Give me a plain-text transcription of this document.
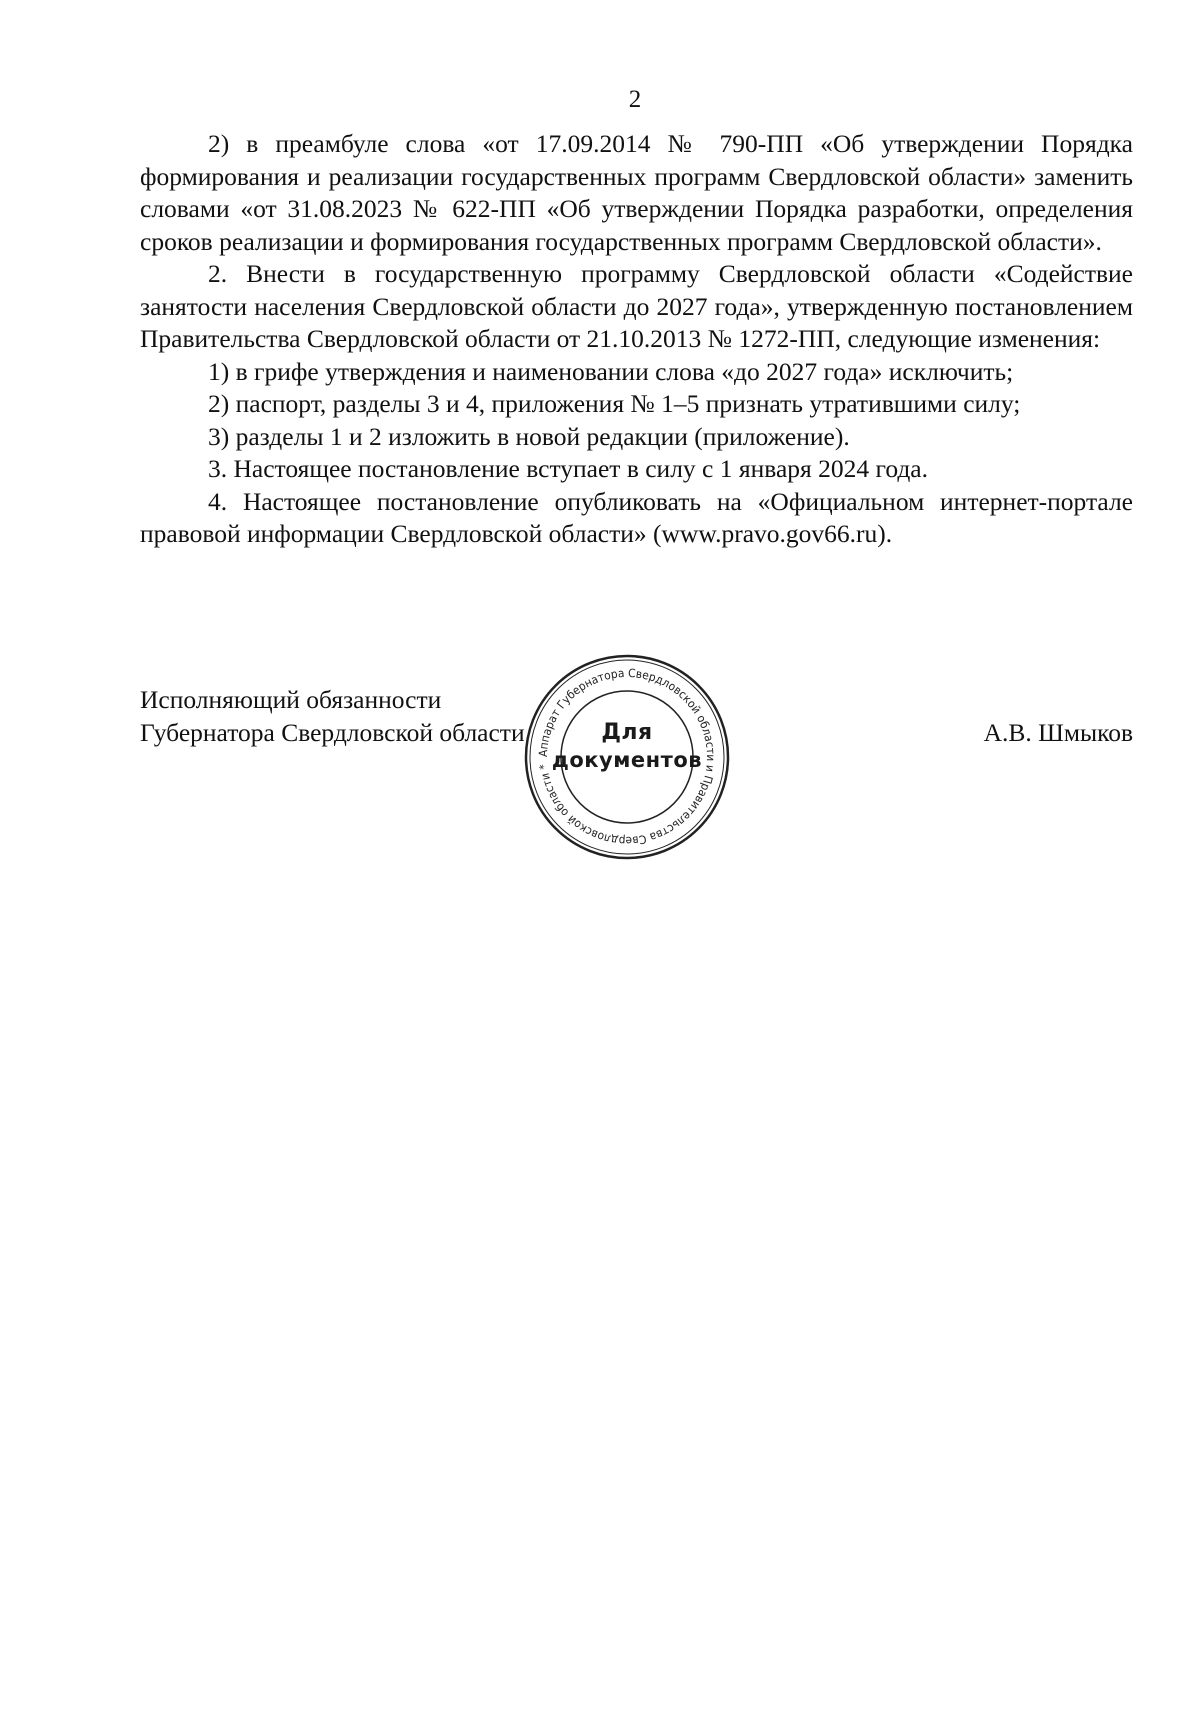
2

2) в преамбуле слова «от 17.09.2014 № 790-ПП «Об утверждении Порядка формирования и реализации государственных программ Свердловской области» заменить словами «от 31.08.2023 № 622-ПП «Об утверждении Порядка разработки, определения сроков реализации и формирования государственных программ Свердловской области».

2. Внести в государственную программу Свердловской области «Содействие занятости населения Свердловской области до 2027 года», утвержденную постановлением Правительства Свердловской области от 21.10.2013 № 1272-ПП, следующие изменения:

1) в грифе утверждения и наименовании слова «до 2027 года» исключить;

2) паспорт, разделы 3 и 4, приложения № 1–5 признать утратившими силу;

3) разделы 1 и 2 изложить в новой редакции (приложение).

3. Настоящее постановление вступает в силу с 1 января 2024 года.

4. Настоящее постановление опубликовать на «Официальном интернет-портале правовой информации Свердловской области» (www.pravo.gov66.ru).

Исполняющий обязанности
Губернатора Свердловской области	А.В. Шмыков
Аппарат Губернатора Свердловской области и Правительства Свердловской области *
Для
документов
